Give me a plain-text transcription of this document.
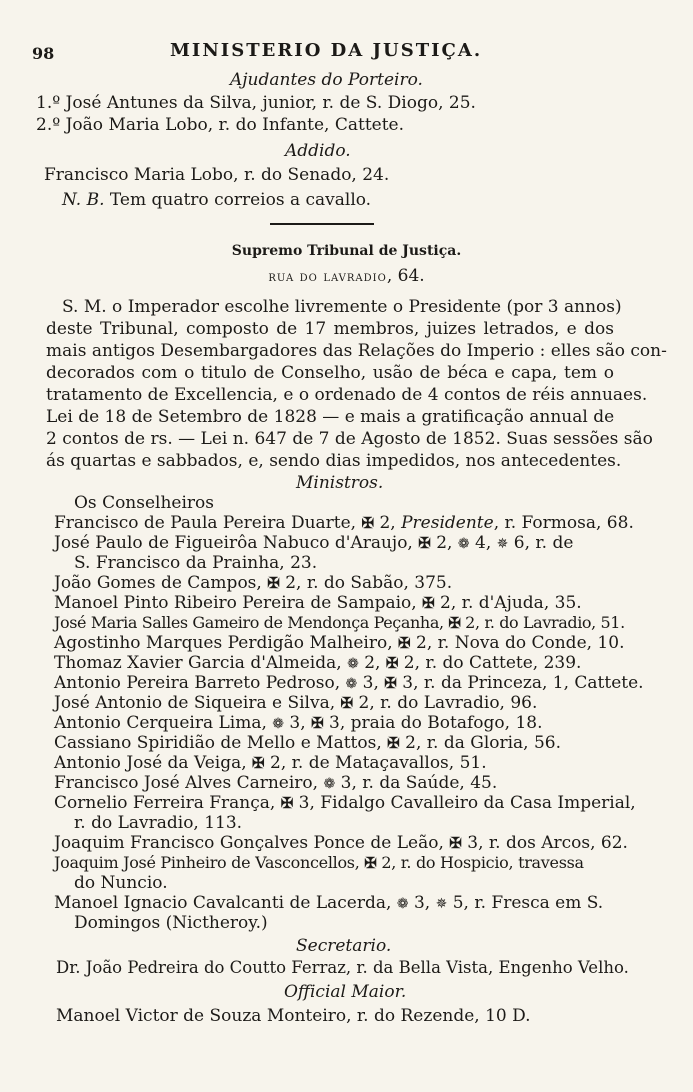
98	MINISTERIO DA JUSTIÇA.
Ajudantes do Porteiro.
1.º José Antunes da Silva, junior, r. de S. Diogo, 25.
2.º João Maria Lobo, r. do Infante, Cattete.
Addido.
Francisco Maria Lobo, r. do Senado, 24.
N. B. Tem quatro correios a cavallo.
Supremo Tribunal de Justiça.
rua do lavradio, 64.
S. M. o Imperador escolhe livremente o Presidente (por 3 annos)
deste Tribunal, composto de 17 membros, juizes letrados, e dos
mais antigos Desembargadores das Relações do Imperio : elles são con-
decorados com o titulo de Conselho, usão de béca e capa, tem o
tratamento de Excellencia, e o ordenado de 4 contos de réis annuaes.
Lei de 18 de Setembro de 1828 — e mais a gratificação annual de
2 contos de rs. — Lei n. 647 de 7 de Agosto de 1852. Suas sessões são
ás quartas e sabbados, e, sendo dias impedidos, nos antecedentes.
Ministros.
Os Conselheiros
Francisco de Paula Pereira Duarte, ✠ 2, Presidente, r. Formosa, 68.
José Paulo de Figueirôa Nabuco d'Araujo, ✠ 2, ❁ 4, ✵ 6, r. de
S. Francisco da Prainha, 23.
João Gomes de Campos, ✠ 2, r. do Sabão, 375.
Manoel Pinto Ribeiro Pereira de Sampaio, ✠ 2, r. d'Ajuda, 35.
José Maria Salles Gameiro de Mendonça Peçanha, ✠ 2, r. do Lavradio, 51.
Agostinho Marques Perdigão Malheiro, ✠ 2, r. Nova do Conde, 10.
Thomaz Xavier Garcia d'Almeida, ❁ 2, ✠ 2, r. do Cattete, 239.
Antonio Pereira Barreto Pedroso, ❁ 3, ✠ 3, r. da Princeza, 1, Cattete.
José Antonio de Siqueira e Silva, ✠ 2, r. do Lavradio, 96.
Antonio Cerqueira Lima, ❁ 3, ✠ 3, praia do Botafogo, 18.
Cassiano Spiridião de Mello e Mattos, ✠ 2, r. da Gloria, 56.
Antonio José da Veiga, ✠ 2, r. de Mataçavallos, 51.
Francisco José Alves Carneiro, ❁ 3, r. da Saúde, 45.
Cornelio Ferreira França, ✠ 3, Fidalgo Cavalleiro da Casa Imperial,
r. do Lavradio, 113.
Joaquim Francisco Gonçalves Ponce de Leão, ✠ 3, r. dos Arcos, 62.
Joaquim José Pinheiro de Vasconcellos, ✠ 2, r. do Hospicio, travessa
do Nuncio.
Manoel Ignacio Cavalcanti de Lacerda, ❁ 3, ✵ 5, r. Fresca em S.
Domingos (Nictheroy.)
Secretario.
Dr. João Pedreira do Coutto Ferraz, r. da Bella Vista, Engenho Velho.
Official Maior.
Manoel Victor de Souza Monteiro, r. do Rezende, 10 D.
